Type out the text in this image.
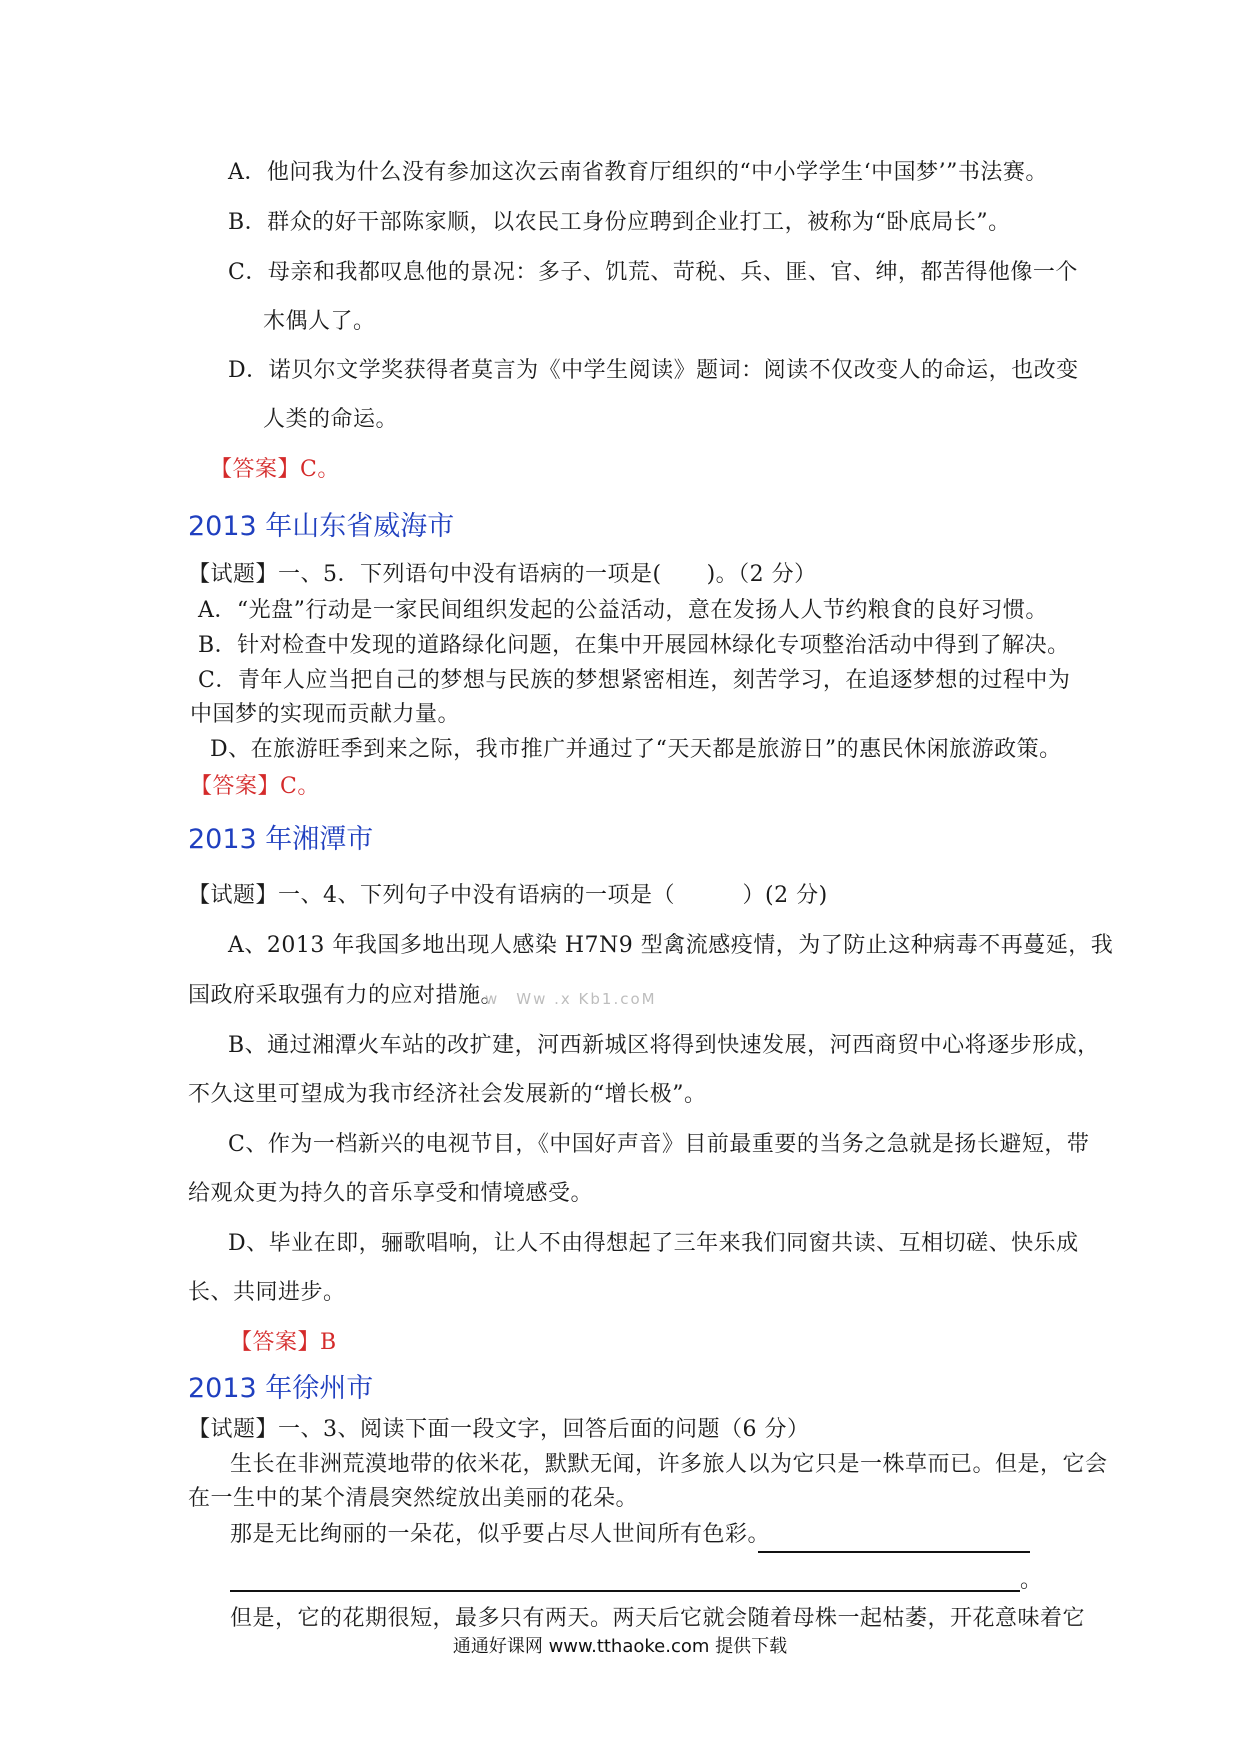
A．他问我为什么没有参加这次云南省教育厅组织的“中小学学生‘中国梦’”书法赛。
B．群众的好干部陈家顺，以农民工身份应聘到企业打工，被称为“卧底局长”。
C．母亲和我都叹息他的景况：多子、饥荒、苛税、兵、匪、官、绅，都苦得他像一个
木偶人了。
D．诺贝尔文学奖获得者莫言为《中学生阅读》题词：阅读不仅改变人的命运，也改变
人类的命运。
【答案】C。
2013 年山东省威海市
【试题】一、5．下列语句中没有语病的一项是(　　)。（2 分）
A．“光盘”行动是一家民间组织发起的公益活动，意在发扬人人节约粮食的良好习惯。
B．针对检查中发现的道路绿化问题，在集中开展园林绿化专项整治活动中得到了解决。
C．青年人应当把自己的梦想与民族的梦想紧密相连，刻苦学习，在追逐梦想的过程中为
中国梦的实现而贡献力量。
D、在旅游旺季到来之际，我市推广并通过了“天天都是旅游日”的惠民休闲旅游政策。
【答案】C。
2013 年湘潭市
【试题】一、4、下列句子中没有语病的一项是（　　　）(2 分)
A、2013 年我国多地出现人感染 H7N9 型禽流感疫情，为了防止这种病毒不再蔓延，我
国政府采取强有力的应对措施。
w　Ww .x Kb1.coM
B、通过湘潭火车站的改扩建，河西新城区将得到快速发展，河西商贸中心将逐步形成，
不久这里可望成为我市经济社会发展新的“增长极”。
C、作为一档新兴的电视节目，《中国好声音》目前最重要的当务之急就是扬长避短，带
给观众更为持久的音乐享受和情境感受。
D、毕业在即，骊歌唱响，让人不由得想起了三年来我们同窗共读、互相切磋、快乐成
长、共同进步。
【答案】B
2013 年徐州市
【试题】一、3、阅读下面一段文字，回答后面的问题（6 分）
生长在非洲荒漠地带的依米花，默默无闻，许多旅人以为它只是一株草而已。但是，它会
在一生中的某个清晨突然绽放出美丽的花朵。
那是无比绚丽的一朵花，似乎要占尽人世间所有色彩。
。
但是，它的花期很短，最多只有两天。两天后它就会随着母株一起枯萎，开花意味着它
通通好课网 www.tthaoke.com 提供下载
